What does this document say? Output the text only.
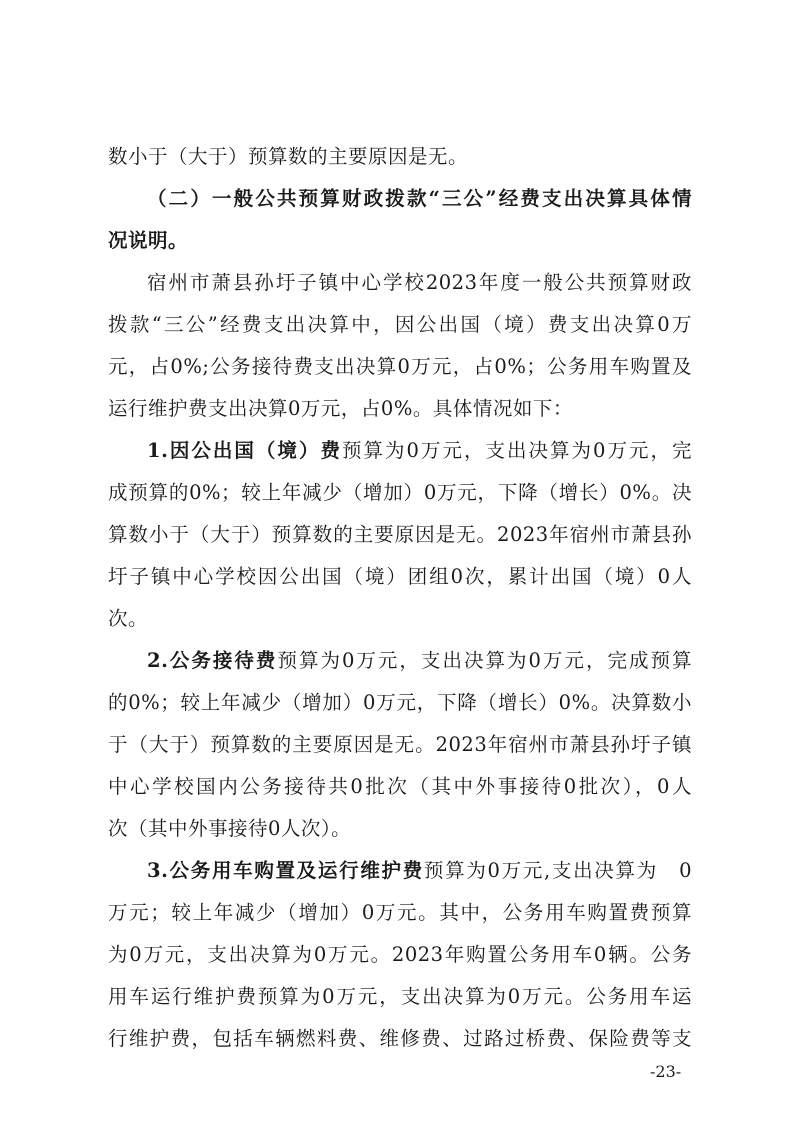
数小于（大于）预算数的主要原因是无。
（二）一般公共预算财政拨款“三公”经费支出决算具体情
况说明。
宿州市萧县孙圩子镇中心学校2023年度一般公共预算财政
拨款“三公”经费支出决算中，因公出国（境）费支出决算0万
元，占0%;公务接待费支出决算0万元，占0%；公务用车购置及
运行维护费支出决算0万元，占0%。具体情况如下：
1.因公出国（境）费预算为0万元，支出决算为0万元，完
成预算的0%；较上年减少（增加）0万元，下降（增长）0%。决
算数小于（大于）预算数的主要原因是无。2023年宿州市萧县孙
圩子镇中心学校因公出国（境）团组0次，累计出国（境）0人
次。
2.公务接待费预算为0万元，支出决算为0万元，完成预算
的0%；较上年减少（增加）0万元，下降（增长）0%。决算数小
于（大于）预算数的主要原因是无。2023年宿州市萧县孙圩子镇
中心学校国内公务接待共0批次（其中外事接待0批次），0人
次（其中外事接待0人次）。
3.公务用车购置及运行维护费预算为0万元,支出决算为　0
万元；较上年减少（增加）0万元。其中，公务用车购置费预算
为0万元，支出决算为0万元。2023年购置公务用车0辆。公务
用车运行维护费预算为0万元，支出决算为0万元。公务用车运
行维护费，包括车辆燃料费、维修费、过路过桥费、保险费等支
-23-
